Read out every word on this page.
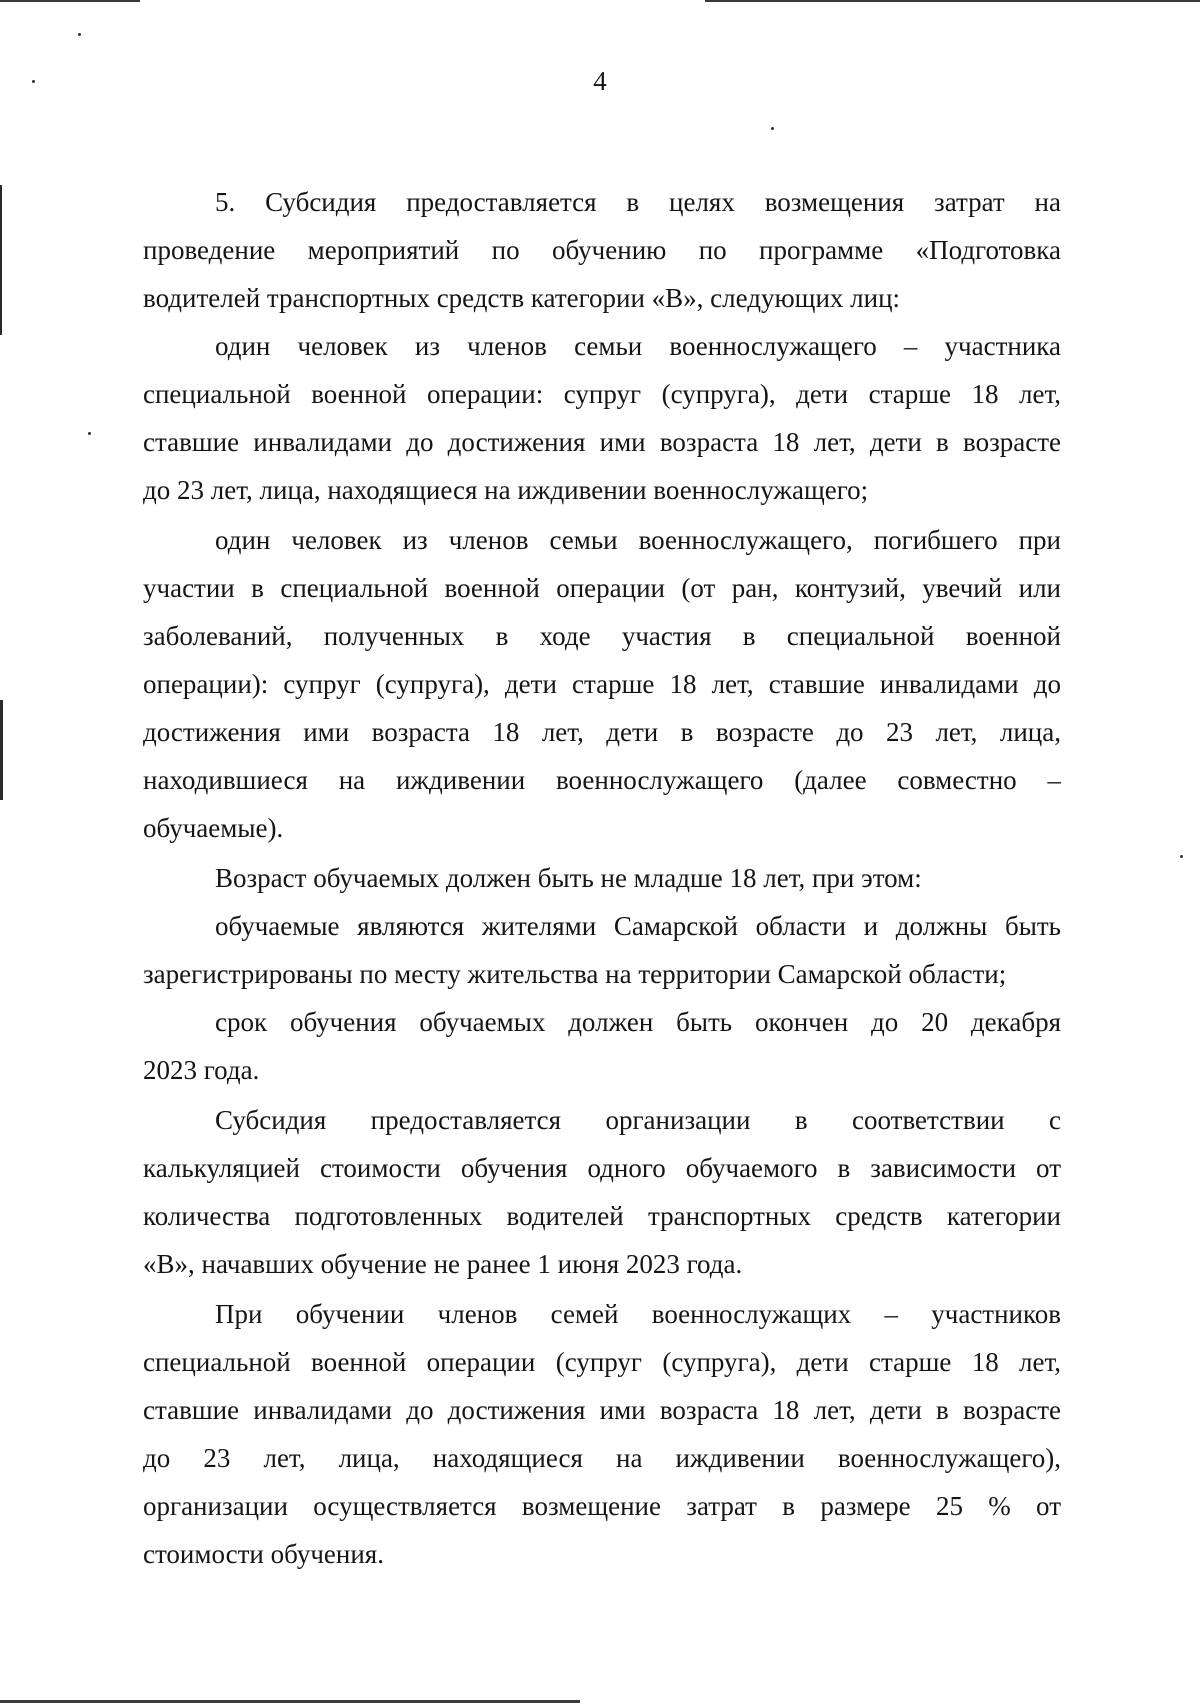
4
5. Субсидия предоставляется в целях возмещения затрат на
проведение мероприятий по обучению по программе «Подготовка
водителей транспортных средств категории «В», следующих лиц:
один человек из членов семьи военнослужащего – участника
специальной военной операции: супруг (супруга), дети старше 18 лет,
ставшие инвалидами до достижения ими возраста 18 лет, дети в возрасте
до 23 лет, лица, находящиеся на иждивении военнослужащего;
один человек из членов семьи военнослужащего, погибшего при
участии в специальной военной операции (от ран, контузий, увечий или
заболеваний, полученных в ходе участия в специальной военной
операции): супруг (супруга), дети старше 18 лет, ставшие инвалидами до
достижения ими возраста 18 лет, дети в возрасте до 23 лет, лица,
находившиеся на иждивении военнослужащего (далее совместно –
обучаемые).
Возраст обучаемых должен быть не младше 18 лет, при этом:
обучаемые являются жителями Самарской области и должны быть
зарегистрированы по месту жительства на территории Самарской области;
срок обучения обучаемых должен быть окончен до 20 декабря
2023 года.
Субсидия предоставляется организации в соответствии с
калькуляцией стоимости обучения одного обучаемого в зависимости от
количества подготовленных водителей транспортных средств категории
«В», начавших обучение не ранее 1 июня 2023 года.
При обучении членов семей военнослужащих – участников
специальной военной операции (супруг (супруга), дети старше 18 лет,
ставшие инвалидами до достижения ими возраста 18 лет, дети в возрасте
до 23 лет, лица, находящиеся на иждивении военнослужащего),
организации осуществляется возмещение затрат в размере 25 % от
стоимости обучения.
